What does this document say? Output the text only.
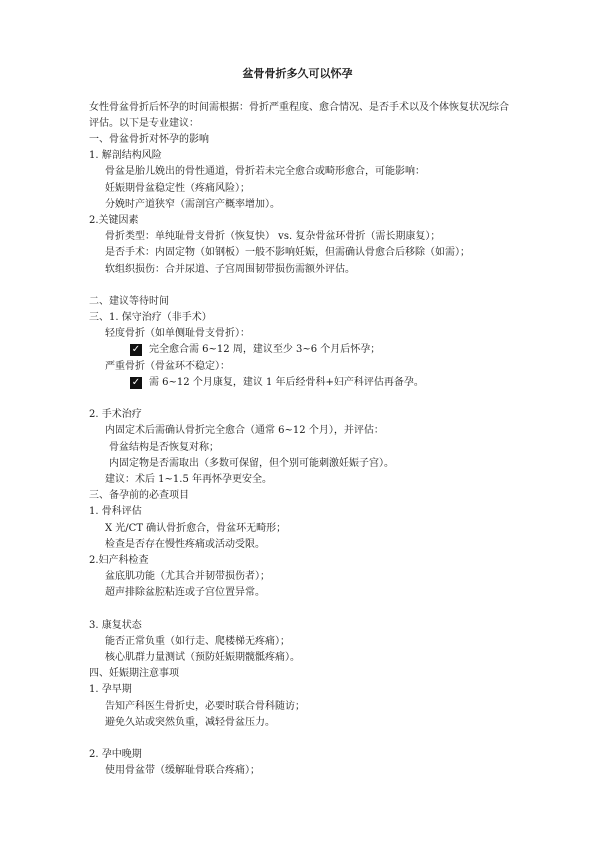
盆骨骨折多久可以怀孕
女性骨盆骨折后怀孕的时间需根据：骨折严重程度、愈合情况、是否手术以及个体恢复状况综合评估。以下是专业建议：
一、骨盆骨折对怀孕的影响
1. 解剖结构风险
骨盆是胎儿娩出的骨性通道，骨折若未完全愈合或畸形愈合，可能影响：
妊娠期骨盆稳定性（疼痛风险）；
分娩时产道狭窄（需剖宫产概率增加）。
2.关键因素
骨折类型：单纯耻骨支骨折（恢复快） vs. 复杂骨盆环骨折（需长期康复）；
是否手术：内固定物（如钢板）一般不影响妊娠，但需确认骨愈合后移除（如需）；
软组织损伤：合并尿道、子宫周围韧带损伤需额外评估。
二、建议等待时间
三、1. 保守治疗（非手术）
轻度骨折（如单侧耻骨支骨折）：
✓ 完全愈合需 6~12 周，建议至少 3~6 个月后怀孕；
严重骨折（骨盆环不稳定）：
✓ 需 6~12 个月康复，建议 1 年后经骨科+妇产科评估再备孕。
2. 手术治疗
内固定术后需确认骨折完全愈合（通常 6~12 个月），并评估：
骨盆结构是否恢复对称；
内固定物是否需取出（多数可保留，但个别可能刺激妊娠子宫）。
建议：术后 1~1.5 年再怀孕更安全。
三、备孕前的必查项目
1. 骨科评估
X 光/CT 确认骨折愈合，骨盆环无畸形；
检查是否存在慢性疼痛或活动受限。
2.妇产科检查
盆底肌功能（尤其合并韧带损伤者）；
超声排除盆腔粘连或子宫位置异常。
3. 康复状态
能否正常负重（如行走、爬楼梯无疼痛）；
核心肌群力量测试（预防妊娠期髋骶疼痛）。
四、妊娠期注意事项
1. 孕早期
告知产科医生骨折史，必要时联合骨科随访；
避免久站或突然负重，减轻骨盆压力。
2. 孕中晚期
使用骨盆带（缓解耻骨联合疼痛）；
